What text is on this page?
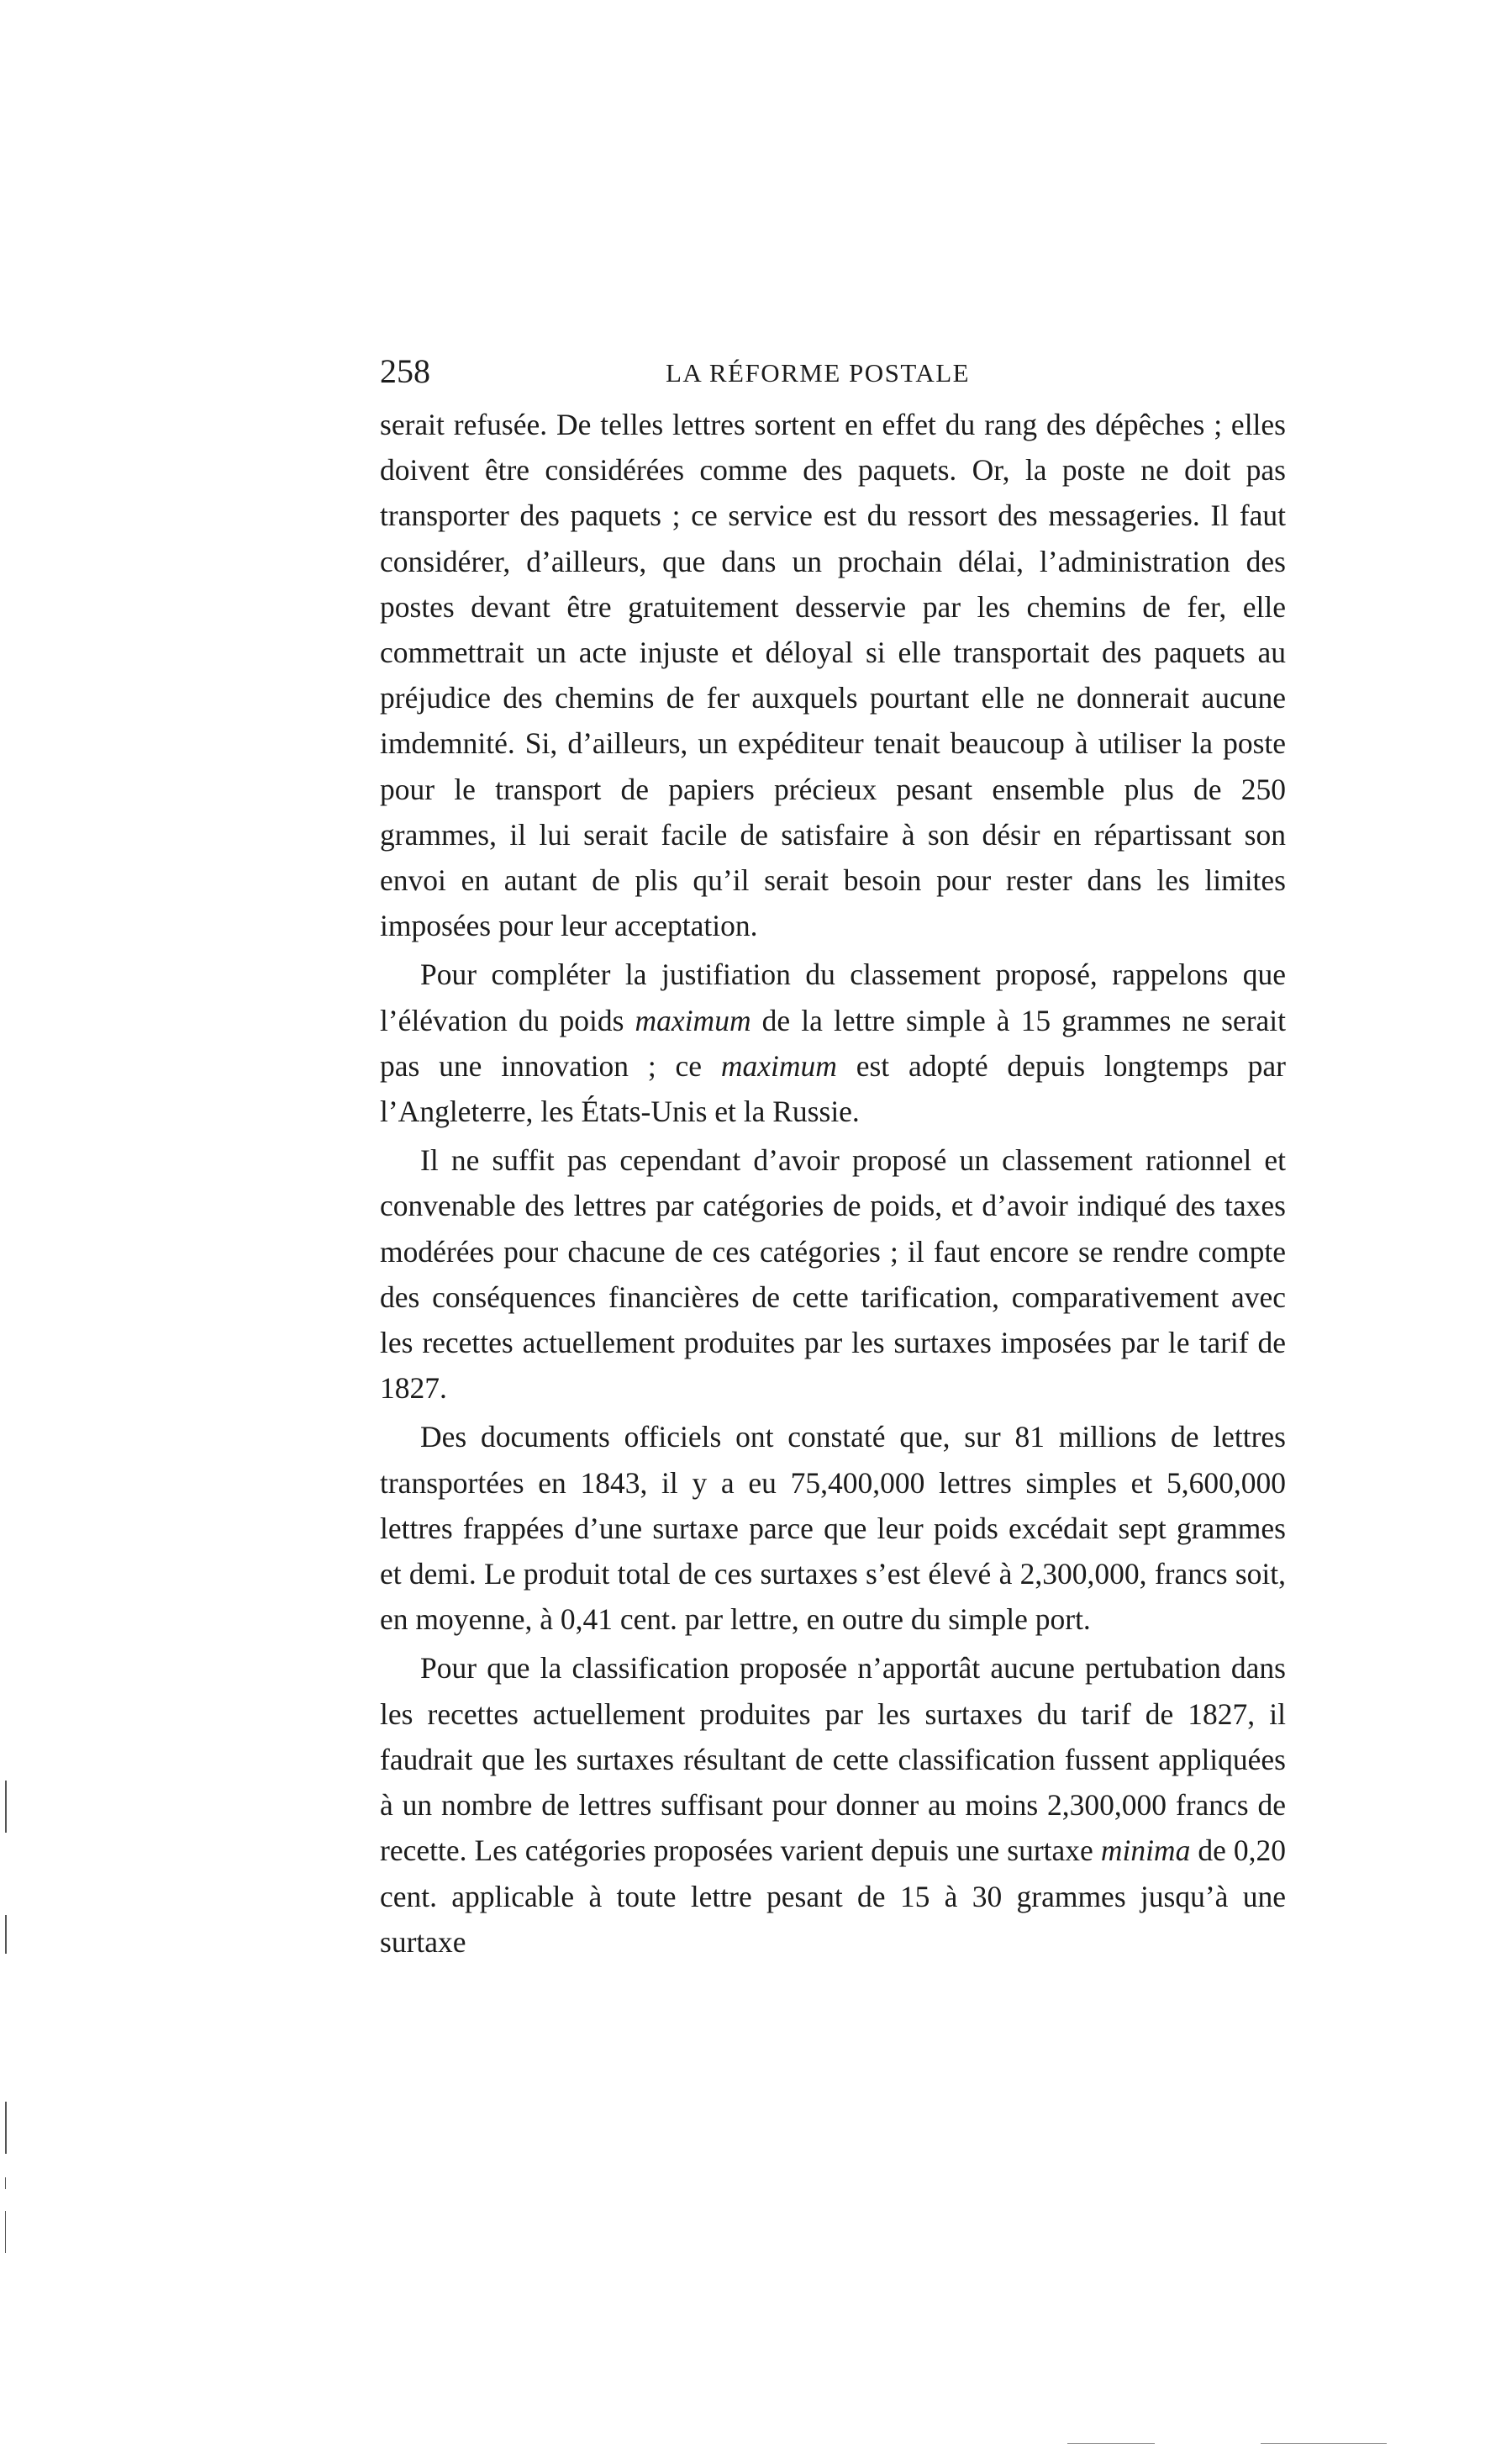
258	LA RÉFORME POSTALE

serait refusée. De telles lettres sortent en effet du rang des dépêches ; elles doivent être considérées comme des paquets. Or, la poste ne doit pas transporter des paquets ; ce service est du ressort des messageries. Il faut considérer, d’ailleurs, que dans un prochain délai, l’administration des postes devant être gratuitement desservie par les chemins de fer, elle commettrait un acte injuste et déloyal si elle transportait des paquets au préjudice des chemins de fer auxquels pourtant elle ne donnerait aucune imdemnité. Si, d’ailleurs, un expéditeur tenait beaucoup à utiliser la poste pour le transport de papiers précieux pesant ensemble plus de 250 grammes, il lui serait facile de satisfaire à son désir en répartissant son envoi en autant de plis qu’il serait besoin pour rester dans les limites imposées pour leur acceptation.

Pour compléter la justifiation du classement proposé, rappelons que l’élévation du poids maximum de la lettre simple à 15 grammes ne serait pas une innovation ; ce maximum est adopté depuis longtemps par l’Angleterre, les États-Unis et la Russie.

Il ne suffit pas cependant d’avoir proposé un classement rationnel et convenable des lettres par catégories de poids, et d’avoir indiqué des taxes modérées pour chacune de ces catégories ; il faut encore se rendre compte des conséquences financières de cette tarification, comparativement avec les recettes actuellement produites par les surtaxes imposées par le tarif de 1827.

Des documents officiels ont constaté que, sur 81 millions de lettres transportées en 1843, il y a eu 75,400,000 lettres simples et 5,600,000 lettres frappées d’une surtaxe parce que leur poids excédait sept grammes et demi. Le produit total de ces surtaxes s’est élevé à 2,300,000, francs soit, en moyenne, à 0,41 cent. par lettre, en outre du simple port.

Pour que la classification proposée n’apportât aucune pertubation dans les recettes actuellement produites par les surtaxes du tarif de 1827, il faudrait que les surtaxes résultant de cette classification fussent appliquées à un nombre de lettres suffisant pour donner au moins 2,300,000 francs de recette. Les catégories proposées varient depuis une surtaxe minima de 0,20 cent. applicable à toute lettre pesant de 15 à 30 grammes jusqu’à une surtaxe
